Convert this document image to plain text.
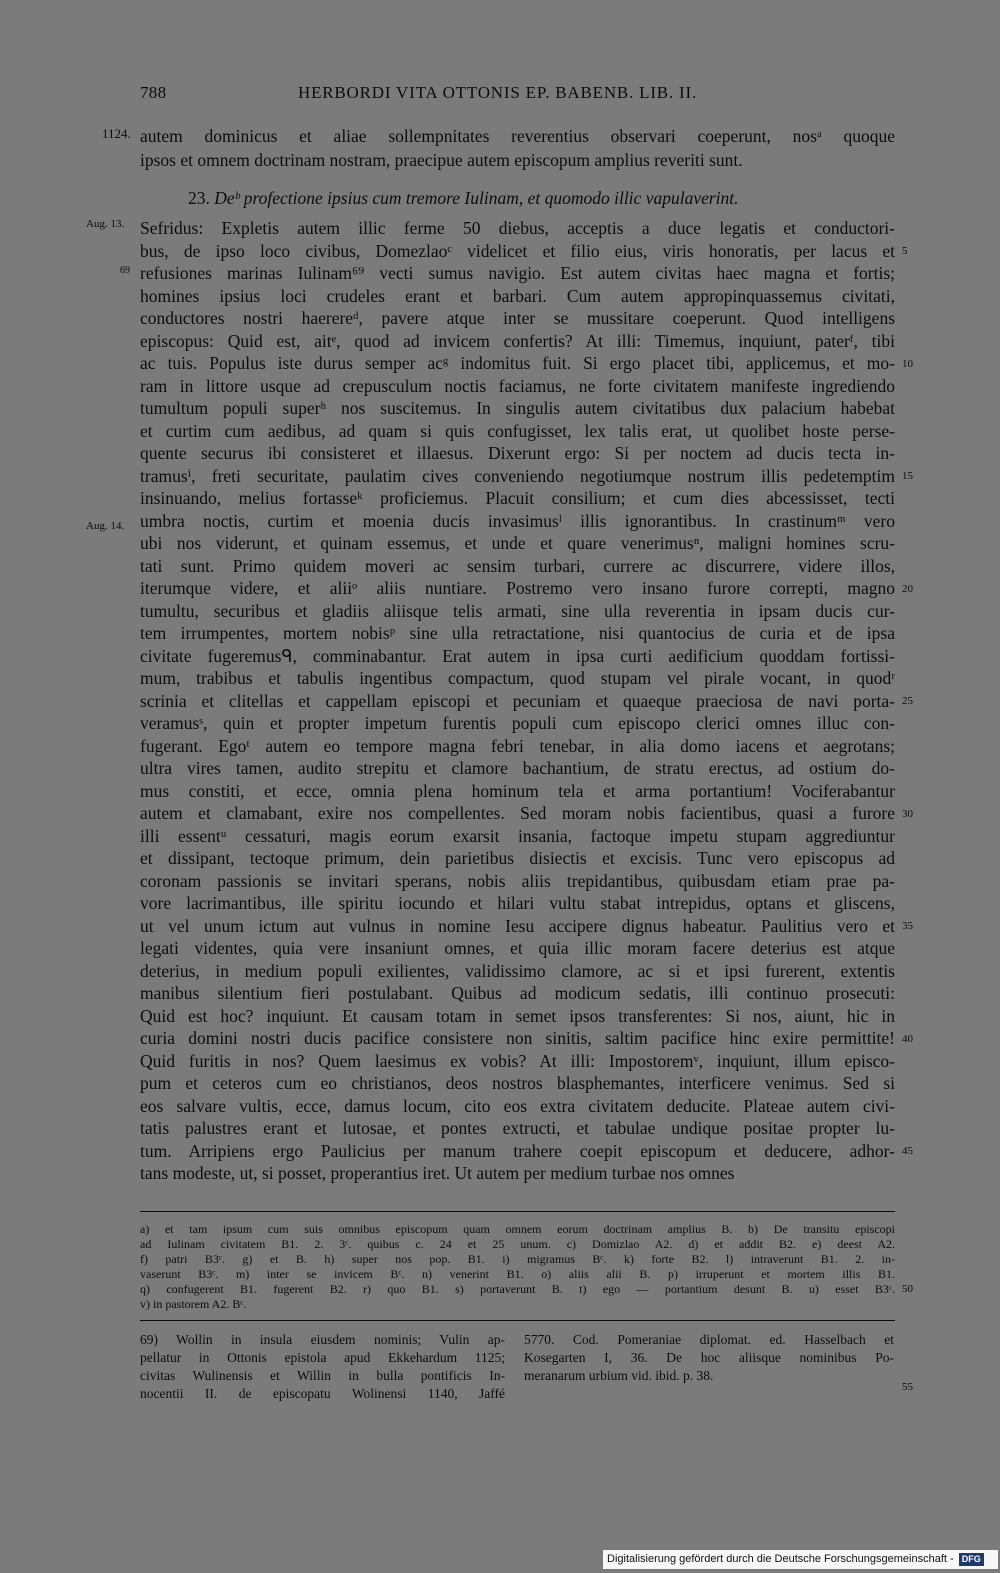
788	HERBORDI VITA OTTONIS EP. BABENB. LIB. II.
autem dominicus et aliae sollempnitates reverentius observari coeperunt, nosᵃ quoque
ipsos et omnem doctrinam nostram, praecipue autem episcopum amplius reveriti sunt.
23. Deᵇ profectione ipsius cum tremore Iulinam, et quomodo illic vapulaverint.
Sefridus: Expletis autem illic ferme 50 diebus, acceptis a duce legatis et conductori-
bus, de ipso loco civibus, Domezlaoᶜ videlicet et filio eius, viris honoratis, per lacus et
refusiones marinas Iulinam⁶⁹ vecti sumus navigio. Est autem civitas haec magna et fortis;
homines ipsius loci crudeles erant et barbari. Cum autem appropinquassemus civitati,
conductores nostri haerereᵈ, pavere atque inter se mussitare coeperunt. Quod intelligens
episcopus: Quid est, aitᵉ, quod ad invicem confertis? At illi: Timemus, inquiunt, paterᶠ, tibi
ac tuis. Populus iste durus semper acᵍ indomitus fuit. Si ergo placet tibi, applicemus, et mo-
ram in littore usque ad crepusculum noctis faciamus, ne forte civitatem manifeste ingrediendo
tumultum populi superʰ nos suscitemus. In singulis autem civitatibus dux palacium habebat
et curtim cum aedibus, ad quam si quis confugisset, lex talis erat, ut quolibet hoste perse-
quente securus ibi consisteret et illaesus. Dixerunt ergo: Si per noctem ad ducis tecta in-
tramusⁱ, freti securitate, paulatim cives conveniendo negotiumque nostrum illis pedetemptim
insinuando, melius fortasseᵏ proficiemus. Placuit consilium; et cum dies abcessisset, tecti
umbra noctis, curtim et moenia ducis invasimusˡ illis ignorantibus. In crastinumᵐ vero
ubi nos viderunt, et quinam essemus, et unde et quare venerimusⁿ, maligni homines scru-
tati sunt. Primo quidem moveri ac sensim turbari, currere ac discurrere, videre illos,
iterumque videre, et aliiᵒ aliis nuntiare. Postremo vero insano furore correpti, magno
tumultu, securibus et gladiis aliisque telis armati, sine ulla reverentia in ipsam ducis cur-
tem irrumpentes, mortem nobisᵖ sine ulla retractatione, nisi quantocius de curia et de ipsa
civitate fugeremusᑫ, comminabantur. Erat autem in ipsa curti aedificium quoddam fortissi-
mum, trabibus et tabulis ingentibus compactum, quod stupam vel pirale vocant, in quodʳ
scrinia et clitellas et cappellam episcopi et pecuniam et quaeque praeciosa de navi porta-
veramusˢ, quin et propter impetum furentis populi cum episcopo clerici omnes illuc con-
fugerant. Egoᵗ autem eo tempore magna febri tenebar, in alia domo iacens et aegrotans;
ultra vires tamen, audito strepitu et clamore bachantium, de stratu erectus, ad ostium do-
mus constiti, et ecce, omnia plena hominum tela et arma portantium! Vociferabantur
autem et clamabant, exire nos compellentes. Sed moram nobis facientibus, quasi a furore
illi essentᵘ cessaturi, magis eorum exarsit insania, factoque impetu stupam aggrediuntur
et dissipant, tectoque primum, dein parietibus disiectis et excisis. Tunc vero episcopus ad
coronam passionis se invitari sperans, nobis aliis trepidantibus, quibusdam etiam prae pa-
vore lacrimantibus, ille spiritu iocundo et hilari vultu stabat intrepidus, optans et gliscens,
ut vel unum ictum aut vulnus in nomine Iesu accipere dignus habeatur. Paulitius vero et
legati videntes, quia vere insaniunt omnes, et quia illic moram facere deterius est atque
deterius, in medium populi exilientes, validissimo clamore, ac si et ipsi furerent, extentis
manibus silentium fieri postulabant. Quibus ad modicum sedatis, illi continuo prosecuti:
Quid est hoc? inquiunt. Et causam totam in semet ipsos transferentes: Si nos, aiunt, hic in
curia domini nostri ducis pacifice consistere non sinitis, saltim pacifice hinc exire permittite!
Quid furitis in nos? Quem laesimus ex vobis? At illi: Impostoremᵛ, inquiunt, illum episco-
pum et ceteros cum eo christianos, deos nostros blasphemantes, interficere venimus. Sed si
eos salvare vultis, ecce, damus locum, cito eos extra civitatem deducite. Plateae autem civi-
tatis palustres erant et lutosae, et pontes extructi, et tabulae undique positae propter lu-
tum. Arripiens ergo Paulicius per manum trahere coepit episcopum et deducere, adhor-
tans modeste, ut, si posset, properantius iret. Ut autem per medium turbae nos omnes
1124.
Aug. 13.
69
Aug. 14.
5
10
15
20
25
30
35
40
45
50
55
a) et tam ipsum cum suis omnibus episcopum quam omnem eorum doctrinam amplius B. b) De transitu episcopi
ad Iulinam civitatem B1. 2. 3ᶜ. quibus c. 24 et 25 unum. c) Domizlao A2. d) et addit B2. e) deest A2.
f) patri B3ᶜ. g) et B. h) super nos pop. B1. i) migramus Bᶜ. k) forte B2. l) intraverunt B1. 2. in-
vaserunt B3ᶜ. m) inter se invicem Bᶜ. n) venerint B1. o) aliis alii B. p) irruperunt et mortem illis B1.
q) confugerent B1. fugerent B2. r) quo B1. s) portaverunt B. t) ego — portantium desunt B. u) esset B3ᶜ.
v) in pastorem A2. Bᶜ.
69) Wollin in insula eiusdem nominis; Vulin ap-
pellatur in Ottonis epistola apud Ekkehardum 1125;
civitas Wulinensis et Willin in bulla pontificis In-
nocentii II. de episcopatu Wolinensi 1140, Jaffé
5770. Cod. Pomeraniae diplomat. ed. Hasselbach et
Kosegarten I, 36. De hoc aliisque nominibus Po-
meranarum urbium vid. ibid. p. 38.
Digitalisierung gefördert durch die Deutsche Forschungsgemeinschaft - DFG
